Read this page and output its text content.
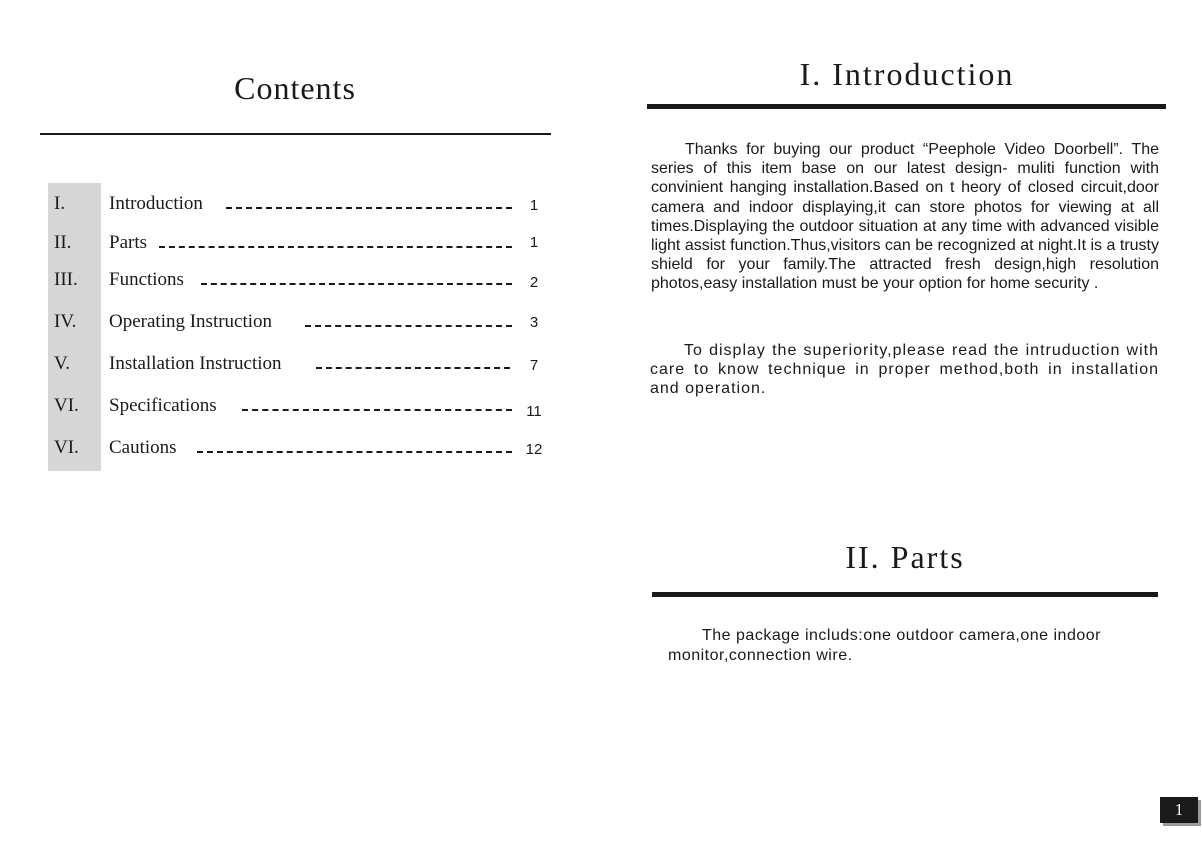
Contents
I. Introduction	1
II. Parts	1
III. Functions	2
IV. Operating Instruction	3
V. Installation Instruction	7
VI. Specifications	11
VI. Cautions	12
I. Introduction
Thanks for buying our product “Peephole Video Doorbell”. The series of this item base on our latest design- muliti function with convinient hanging installation.Based on t heory of closed circuit,door camera and indoor displaying,it can store photos for viewing at all times.Displaying the outdoor situation at any time with advanced visible light assist function.Thus,visitors can be recognized at night.It is a trusty shield for your family.The attracted fresh design,high resolution photos,easy installation must be your option for home security .
To display the superiority,please read the intruduction with care to know technique in proper method,both in installation and operation.
II. Parts
The package includs:one outdoor camera,one indoor monitor,connection wire.
1
